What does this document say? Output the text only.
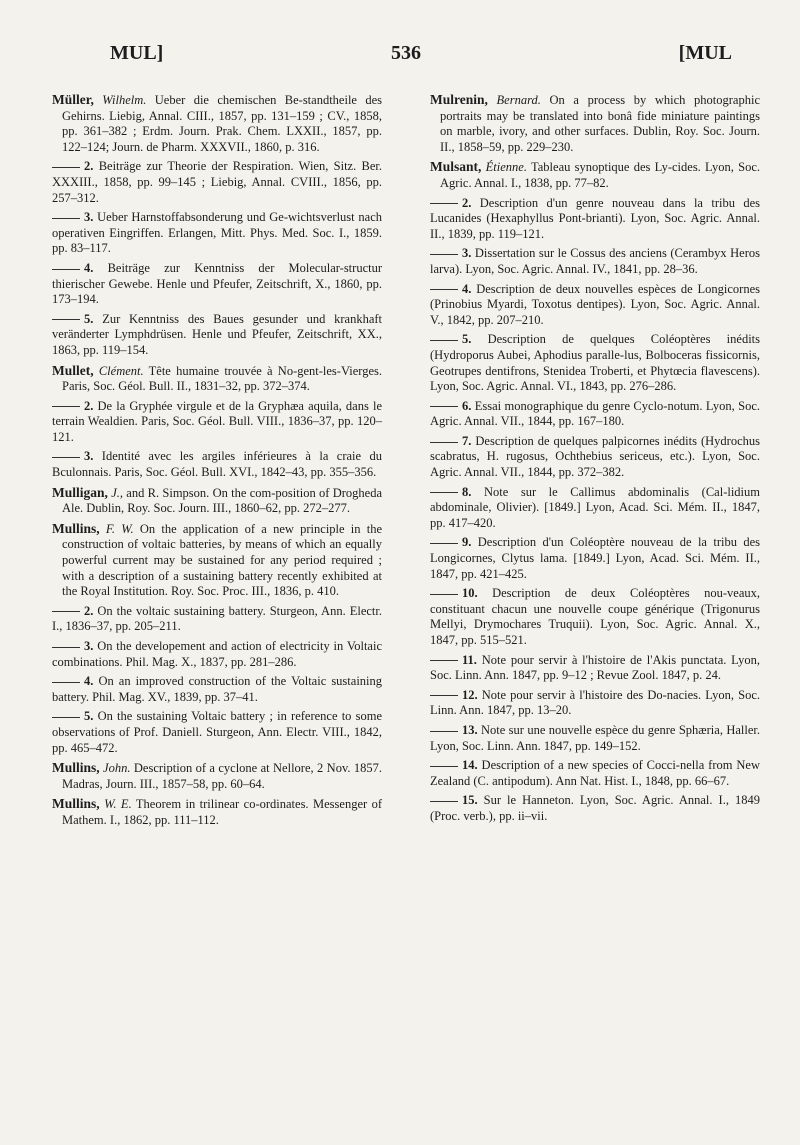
MUL]	536	[MUL

Müller, Wilhelm. Ueber die chemischen Be-standtheile des Gehirns. Liebig, Annal. CIII., 1857, pp. 131–159 ; CV., 1858, pp. 361–382 ; Erdm. Journ. Prak. Chem. LXXII., 1857, pp. 122–124; Journ. de Pharm. XXXVII., 1860, p. 316.

2. Beiträge zur Theorie der Respiration. Wien, Sitz. Ber. XXXIII., 1858, pp. 99–145 ; Liebig, Annal. CVIII., 1856, pp. 257–312.

3. Ueber Harnstoffabsonderung und Ge-wichtsverlust nach operativen Eingriffen. Erlangen, Mitt. Phys. Med. Soc. I., 1859. pp. 83–117.

4. Beiträge zur Kenntniss der Molecular-structur thierischer Gewebe. Henle und Pfeufer, Zeitschrift, X., 1860, pp. 173–194.

5. Zur Kenntniss des Baues gesunder und krankhaft veränderter Lymphdrüsen. Henle und Pfeufer, Zeitschrift, XX., 1863, pp. 119–154.

Mullet, Clément. Tête humaine trouvée à No-gent-les-Vierges. Paris, Soc. Géol. Bull. II., 1831–32, pp. 372–374.

2. De la Gryphée virgule et de la Gryphæa aquila, dans le terrain Wealdien. Paris, Soc. Géol. Bull. VIII., 1836–37, pp. 120–121.

3. Identité avec les argiles inférieures à la craie du Bculonnais. Paris, Soc. Géol. Bull. XVI., 1842–43, pp. 355–356.

Mulligan, J., and R. Simpson. On the com-position of Drogheda Ale. Dublin, Roy. Soc. Journ. III., 1860–62, pp. 272–277.

Mullins, F. W. On the application of a new principle in the construction of voltaic batteries, by means of which an equally powerful current may be sustained for any period required ; with a description of a sustaining battery recently exhibited at the Royal Institution. Roy. Soc. Proc. III., 1836, p. 410.

2. On the voltaic sustaining battery. Sturgeon, Ann. Electr. I., 1836–37, pp. 205–211.

3. On the developement and action of electricity in Voltaic combinations. Phil. Mag. X., 1837, pp. 281–286.

4. On an improved construction of the Voltaic sustaining battery. Phil. Mag. XV., 1839, pp. 37–41.

5. On the sustaining Voltaic battery ; in reference to some observations of Prof. Daniell. Sturgeon, Ann. Electr. VIII., 1842, pp. 465–472.

Mullins, John. Description of a cyclone at Nellore, 2 Nov. 1857. Madras, Journ. III., 1857–58, pp. 60–64.

Mullins, W. E. Theorem in trilinear co-ordinates. Messenger of Mathem. I., 1862, pp. 111–112.

Mulrenin, Bernard. On a process by which photographic portraits may be translated into bonâ fide miniature paintings on marble, ivory, and other surfaces. Dublin, Roy. Soc. Journ. II., 1858–59, pp. 229–230.

Mulsant, Étienne. Tableau synoptique des Ly-cides. Lyon, Soc. Agric. Annal. I., 1838, pp. 77–82.

2. Description d'un genre nouveau dans la tribu des Lucanides (Hexaphyllus Pont-brianti). Lyon, Soc. Agric. Annal. II., 1839, pp. 119–121.

3. Dissertation sur le Cossus des anciens (Cerambyx Heros larva). Lyon, Soc. Agric. Annal. IV., 1841, pp. 28–36.

4. Description de deux nouvelles espèces de Longicornes (Prinobius Myardi, Toxotus dentipes). Lyon, Soc. Agric. Annal. V., 1842, pp. 207–210.

5. Description de quelques Coléoptères inédits (Hydroporus Aubei, Aphodius paralle-lus, Bolboceras fissicornis, Geotrupes dentifrons, Stenidea Troberti, et Phytœcia flavescens). Lyon, Soc. Agric. Annal. VI., 1843, pp. 276–286.

6. Essai monographique du genre Cyclo-notum. Lyon, Soc. Agric. Annal. VII., 1844, pp. 167–180.

7. Description de quelques palpicornes inédits (Hydrochus scabratus, H. rugosus, Ochthebius sericeus, etc.). Lyon, Soc. Agric. Annal. VII., 1844, pp. 372–382.

8. Note sur le Callimus abdominalis (Cal-lidium abdominale, Olivier). [1849.] Lyon, Acad. Sci. Mém. II., 1847, pp. 417–420.

9. Description d'un Coléoptère nouveau de la tribu des Longicornes, Clytus lama. [1849.] Lyon, Acad. Sci. Mém. II., 1847, pp. 421–425.

10. Description de deux Coléoptères nou-veaux, constituant chacun une nouvelle coupe générique (Trigonurus Mellyi, Drymochares Truquii). Lyon, Soc. Agric. Annal. X., 1847, pp. 515–521.

11. Note pour servir à l'histoire de l'Akis punctata. Lyon, Soc. Linn. Ann. 1847, pp. 9–12 ; Revue Zool. 1847, p. 24.

12. Note pour servir à l'histoire des Do-nacies. Lyon, Soc. Linn. Ann. 1847, pp. 13–20.

13. Note sur une nouvelle espèce du genre Sphæria, Haller. Lyon, Soc. Linn. Ann. 1847, pp. 149–152.

14. Description of a new species of Cocci-nella from New Zealand (C. antipodum). Ann Nat. Hist. I., 1848, pp. 66–67.

15. Sur le Hanneton. Lyon, Soc. Agric. Annal. I., 1849 (Proc. verb.), pp. ii–vii.
